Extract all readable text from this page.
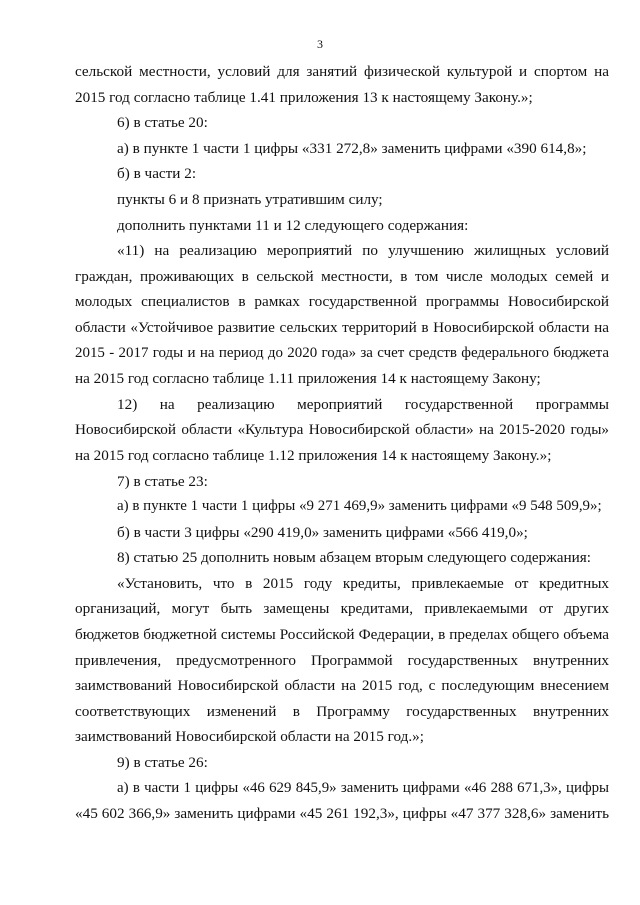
3
сельской местности, условий для занятий физической культурой и спортом на
2015 год согласно таблице 1.41 приложения 13 к настоящему Закону.»;
6) в статье 20:
а) в пункте 1 части 1 цифры «331 272,8» заменить цифрами «390 614,8»;
б) в части 2:
пункты 6 и 8 признать утратившим силу;
дополнить пунктами 11 и 12 следующего содержания:
«11) на реализацию мероприятий по улучшению жилищных условий
граждан, проживающих в сельской местности, в том числе молодых семей и
молодых специалистов в рамках государственной программы Новосибирской
области «Устойчивое развитие сельских территорий в Новосибирской области на
2015 - 2017 годы и на период до 2020 года» за счет средств федерального бюджета
на 2015 год согласно таблице 1.11 приложения 14 к настоящему Закону;
12) на реализацию мероприятий государственной программы
Новосибирской области «Культура Новосибирской области» на 2015-2020 годы»
на 2015 год согласно таблице 1.12 приложения 14 к настоящему Закону.»;
7) в статье 23:
а) в пункте 1 части 1 цифры «9 271 469,9» заменить цифрами «9 548 509,9»;
б) в части 3 цифры «290 419,0» заменить цифрами «566 419,0»;
8) статью 25 дополнить новым абзацем вторым следующего содержания:
«Установить, что в 2015 году кредиты, привлекаемые от кредитных
организаций, могут быть замещены кредитами, привлекаемыми от других
бюджетов бюджетной системы Российской Федерации, в пределах общего объема
привлечения, предусмотренного Программой государственных внутренних
заимствований Новосибирской области на 2015 год, с последующим внесением
соответствующих изменений в Программу государственных внутренних
заимствований Новосибирской области на 2015 год.»;
9) в статье 26:
а) в части 1 цифры «46 629 845,9» заменить цифрами «46 288 671,3», цифры
«45 602 366,9» заменить цифрами «45 261 192,3», цифры «47 377 328,6» заменить
